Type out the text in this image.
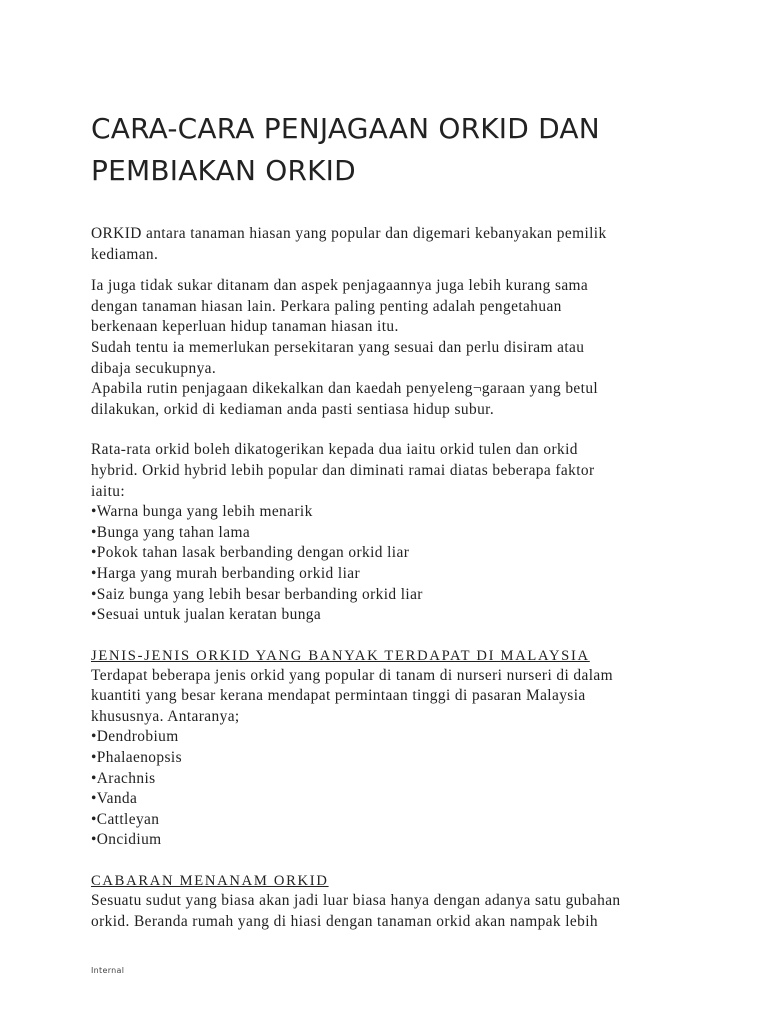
CARA-CARA PENJAGAAN ORKID DAN PEMBIAKAN ORKID
ORKID antara tanaman hiasan yang popular dan digemari kebanyakan pemilik
kediaman.
Ia juga tidak sukar ditanam dan aspek penjagaannya juga lebih kurang sama
dengan tanaman hiasan lain. Perkara paling penting adalah pengetahuan
berkenaan keperluan hidup tanaman hiasan itu.
Sudah tentu ia memerlukan persekitaran yang sesuai dan perlu disiram atau
dibaja secukupnya.
Apabila rutin penjagaan dikekalkan dan kaedah penyeleng¬garaan yang betul
dilakukan, orkid di kediaman anda pasti sentiasa hidup subur.
Rata-rata orkid boleh dikatogerikan kepada dua iaitu orkid tulen dan orkid
hybrid. Orkid hybrid lebih popular dan diminati ramai diatas beberapa faktor
iaitu:
•Warna bunga yang lebih menarik
•Bunga yang tahan lama
•Pokok tahan lasak berbanding dengan orkid liar
•Harga yang murah berbanding orkid liar
•Saiz bunga yang lebih besar berbanding orkid liar
•Sesuai untuk jualan keratan bunga
JENIS-JENIS ORKID YANG BANYAK TERDAPAT DI MALAYSIA
Terdapat beberapa jenis orkid yang popular di tanam di nurseri nurseri di dalam
kuantiti yang besar kerana mendapat permintaan tinggi di pasaran Malaysia
khususnya. Antaranya;
•Dendrobium
•Phalaenopsis
•Arachnis
•Vanda
•Cattleyan
•Oncidium
CABARAN MENANAM ORKID
Sesuatu sudut yang biasa akan jadi luar biasa hanya dengan adanya satu gubahan
orkid. Beranda rumah yang di hiasi dengan tanaman orkid akan nampak lebih
Internal
